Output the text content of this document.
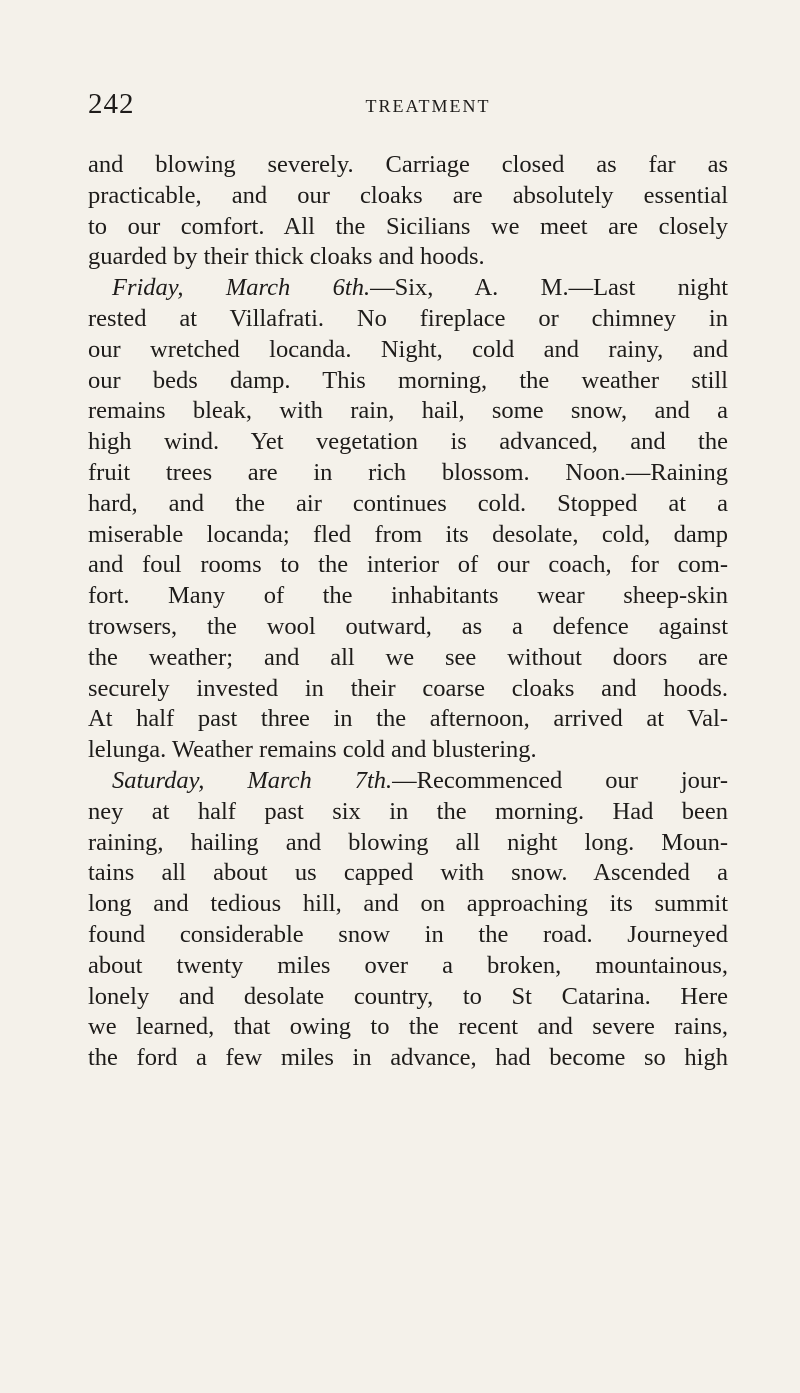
242	TREATMENT
and blowing severely. Carriage closed as far as
practicable, and our cloaks are absolutely essential
to our comfort. All the Sicilians we meet are closely
guarded by their thick cloaks and hoods.
Friday, March 6th.—Six, A. M.—Last night
rested at Villafrati. No fireplace or chimney in
our wretched locanda. Night, cold and rainy, and
our beds damp. This morning, the weather still
remains bleak, with rain, hail, some snow, and a
high wind. Yet vegetation is advanced, and the
fruit trees are in rich blossom. Noon.—Raining
hard, and the air continues cold. Stopped at a
miserable locanda; fled from its desolate, cold, damp
and foul rooms to the interior of our coach, for com-
fort. Many of the inhabitants wear sheep-skin
trowsers, the wool outward, as a defence against
the weather; and all we see without doors are
securely invested in their coarse cloaks and hoods.
At half past three in the afternoon, arrived at Val-
lelunga. Weather remains cold and blustering.
Saturday, March 7th.—Recommenced our jour-
ney at half past six in the morning. Had been
raining, hailing and blowing all night long. Moun-
tains all about us capped with snow. Ascended a
long and tedious hill, and on approaching its summit
found considerable snow in the road. Journeyed
about twenty miles over a broken, mountainous,
lonely and desolate country, to St Catarina. Here
we learned, that owing to the recent and severe rains,
the ford a few miles in advance, had become so high
